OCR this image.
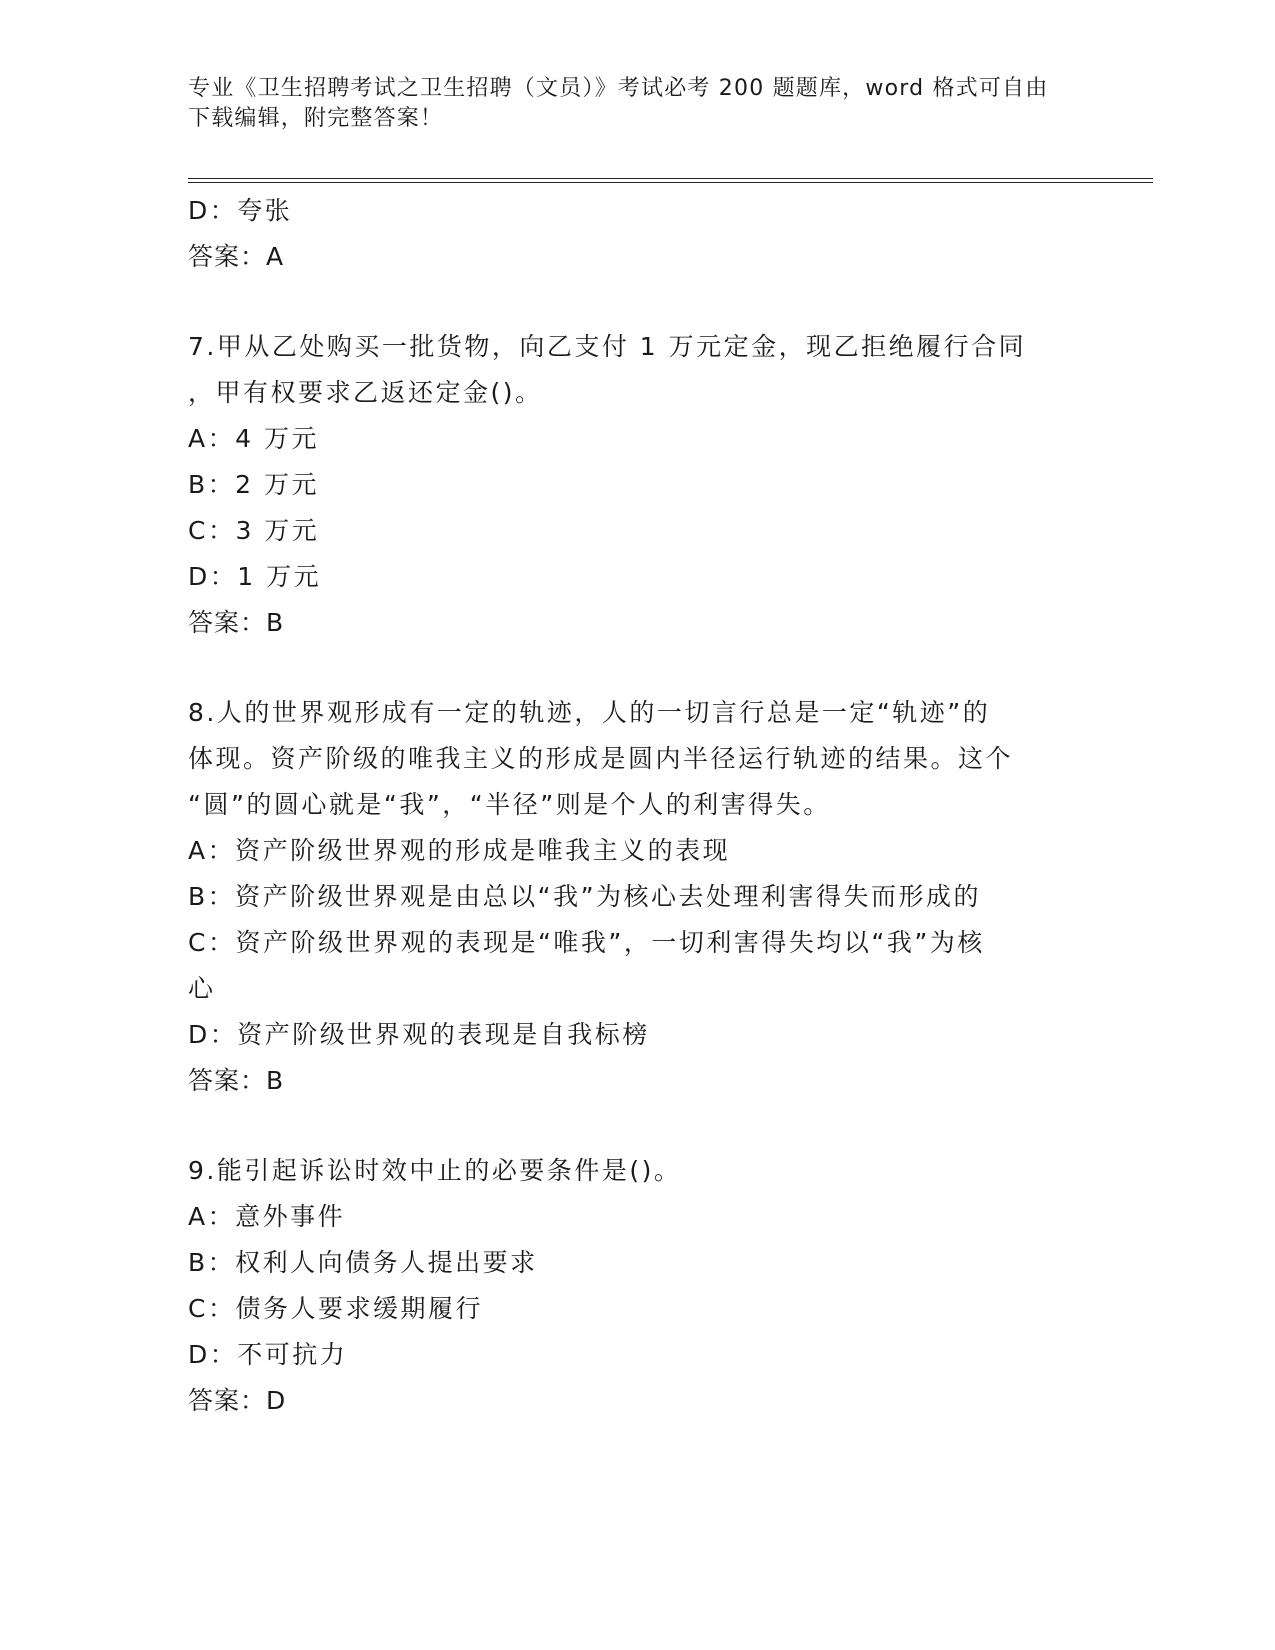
专业《卫生招聘考试之卫生招聘（文员）》考试必考 200 题题库，word 格式可自由下载编辑，附完整答案！
D：夸张
答案：A
7.甲从乙处购买一批货物，向乙支付 1 万元定金，现乙拒绝履行合同
，甲有权要求乙返还定金()。
A：4 万元
B：2 万元
C：3 万元
D：1 万元
答案：B
8.人的世界观形成有一定的轨迹，人的一切言行总是一定“轨迹”的
体现。资产阶级的唯我主义的形成是圆内半径运行轨迹的结果。这个
“圆”的圆心就是“我”，“半径”则是个人的利害得失。
A：资产阶级世界观的形成是唯我主义的表现
B：资产阶级世界观是由总以“我”为核心去处理利害得失而形成的
C：资产阶级世界观的表现是“唯我”，一切利害得失均以“我”为核
心
D：资产阶级世界观的表现是自我标榜
答案：B
9.能引起诉讼时效中止的必要条件是()。
A：意外事件
B：权利人向债务人提出要求
C：债务人要求缓期履行
D：不可抗力
答案：D
